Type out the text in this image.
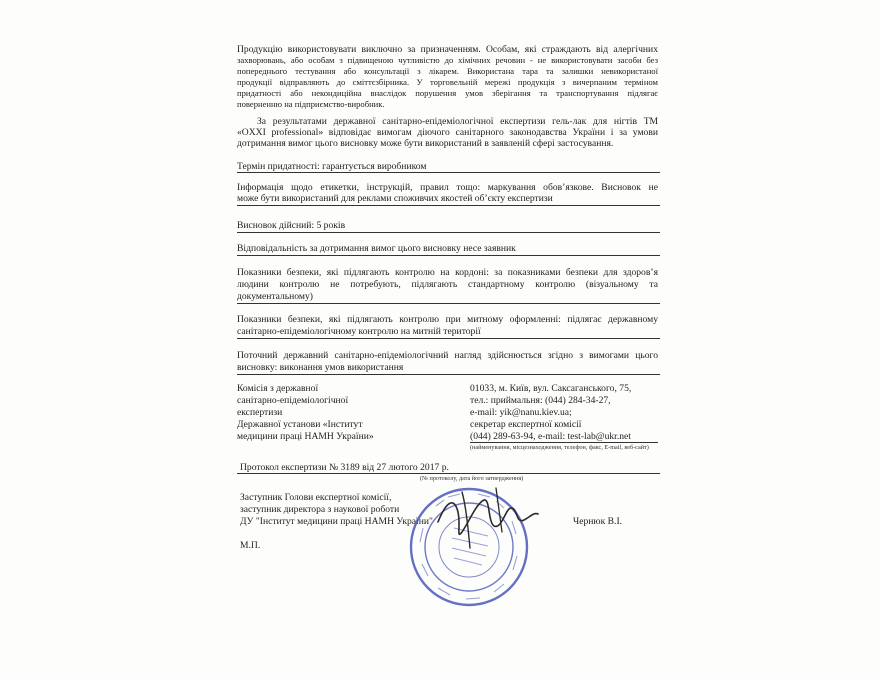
Продукцію використовувати виключно за призначенням. Особам, які страждають від алергічних
захворювань, або особам з підвищеною чутливістю до хімічних речовин - не використовувати засоби без
попереднього тестування або консультації з лікарем. Використана тара та залишки невикористаної
продукції відправляють до сміттєзбірника. У торговельній мережі продукція з вичерпаним терміном
придатності або некондиційна внаслідок порушення умов зберігання та транспортування підлягає
поверненню на підприємство-виробник.
За результатами державної санітарно-епідеміологічної експертизи гель-лак для нігтів ТМ
«OXXI professional» відповідає вимогам діючого санітарного законодавства України і за умови
дотримання вимог цього висновку може бути використаний в заявленій сфері застосування.
Термін придатності: гарантується виробником
Інформація щодо етикетки, інструкцій, правил тощо: маркування обов’язкове. Висновок не
може бути використаний для реклами споживчих якостей об’єкту експертизи
Висновок дійсний: 5 років
Відповідальність за дотримання вимог цього висновку несе заявник
Показники безпеки, які підлягають контролю на кордоні: за показниками безпеки для здоров’я
людини контролю не потребують, підлягають стандартному контролю (візуальному та
документальному)
Показники безпеки, які підлягають контролю при митному оформленні: підлягає державному
санітарно-епідеміологічному контролю на митній території
Поточний державний санітарно-епідеміологічний нагляд здійснюється згідно з вимогами цього
висновку: виконання умов використання
Комісія з державної
санітарно-епідеміологічної
експертизи
Державної установи «Інститут
медицини праці НАМН України»
01033, м. Київ, вул. Саксаганського, 75,
тел.: приймальня: (044) 284-34-27,
e-mail: yik@nanu.kiev.ua;
секретар експертної комісії
(044) 289-63-94, e-mail: test-lab@ukr.net
(найменування, місцезнаходження, телефон, факс, E-mail, веб-сайт)
Протокол експертизи № 3189 від 27 лютого 2017 р.
(№ протоколу, дата його затвердження)
Заступник Голови експертної комісії,
заступник директора з наукової роботи
ДУ "Інститут медицини праці НАМН України"	Чернюк В.І.
М.П.
